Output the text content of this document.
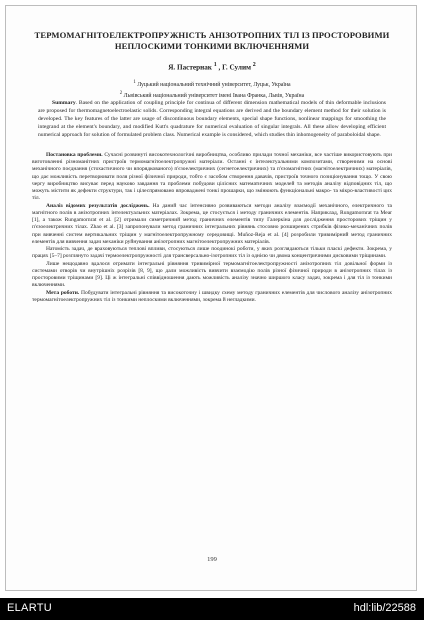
ТЕРМОМАГНІТОЕЛЕКТРОПРУЖНІСТЬ АНІЗОТРОПНИХ ТІЛ ІЗ ПРОСТОРОВИМИ НЕПЛОСКИМИ ТОНКИМИ ВКЛЮЧЕННЯМИ
Я. Пастернак $^1$ , Г. Сулим $^2$
$^1$ Луцький національний технічний університет, Луцьк, Україна
$^2$ Львівський національний університет імені Івана Франка, Львів, Україна

Summary. Based on the application of coupling principle for continua of different dimension mathematical models of thin deformable inclusions are proposed for thermomagnetoelectroelastic solids. Corresponding integral equations are derived and the boundary element method for their solution is developed. The key features of the latter are usage of discontinuous boundary elements, special shape functions, nonlinear mappings for smoothing the integrand at the element's boundary, and modified Kutt's quadrature for numerical evaluation of singular integrals. All these allow developing efficient numerical approach for solution of formulated problem class. Numerical example is considered, which studies thin inhomogeneity of paraboloidal shape.

Постановка проблеми. Сучасні розвинуті високотехнологічні виробництва, особливо прилади точної механіки, все частіше використовують при виготовленні різноманітних пристроїв термомагнітоелектропружні матеріали. Останні є інтелектуальними композитами, створеними на основі механічного поєднання (стохастичного чи впорядкованого) п'єзоелектричних (сегнетоелектричних) та п'єзомагнітних (магнітоелектричних) матеріалів, що дає можливість перетворювати поля різної фізичної природи, тобто є засобом створення давачів, пристроїв точного позиціонування тощо. У свою чергу виробництво висуває перед науково завдання та проблеми побудови цілісних математичних моделей та методів аналізу відповідних тіл, що можуть містити як дефекти структури, так і цілеспрямовано впроваджені тонкі прошарки, що змінюють функціональні макро- та мікро-властивості цих тіл.

Аналіз відомих результатів досліджень. На даний час інтенсивно розвиваються методи аналізу взаємодії механічного, електричного та магнітного полів в анізотропних інтелектуальних матеріалах. Зокрема, це стосується і методу граничних елементів. Наприклад, Rungamornrat та Mear [1], а також Rungamornrat et al. [2] отримали симетричний метод граничних елементів типу Галеркіна для дослідження просторових тріщин у п'єзоелектричних тілах. Zhao et al. [3] запропонували метод граничних інтегральних рівнянь стосовно розширених стрибків фізико-механічних полів при вивченні систем вертикальних тріщин у магнітоелектропружному середовищі. Muñoz-Reja et al. [4] розробили тривимірний метод граничних елементів для вивчення задач механіки руйнування анізотропних магнітоелектропружних матеріалів.

Натомість задач, де враховуються теплові впливи, стосуються лише поодинокі роботи, у яких розглядаються тільки пласкі дефекти. Зокрема, у працях [5–7] розглянуто задачі термоелектропружності для трансверсально-ізотропних тіл із однією чи двома концентричними дисковими тріщинами.

Лише нещодавно вдалося отримати інтегральні рівняння тривимірної термомагнітоелектропружності анізотропних тіл довільної форми із системами отворів чи внутрішніх розрізів [8, 9], що дали можливість вивчити взаємодію полів різної фізичної природи в анізотропних тілах із просторовими тріщинами [9]. Ці ж інтегральні співвідношення дають можливість аналізу значно ширшого класу задач, зокрема і для тіл із тонкими включеннями.

Мета роботи. Побудувати інтегральні рівняння та високоточну і швидку схему методу граничних елементів для числового аналізу анізотропних термомагнітоелектропружних тіл із тонкими неплоскими включеннями, зокрема й негладкими.

199
ELARTU	hdl:lib/22588
